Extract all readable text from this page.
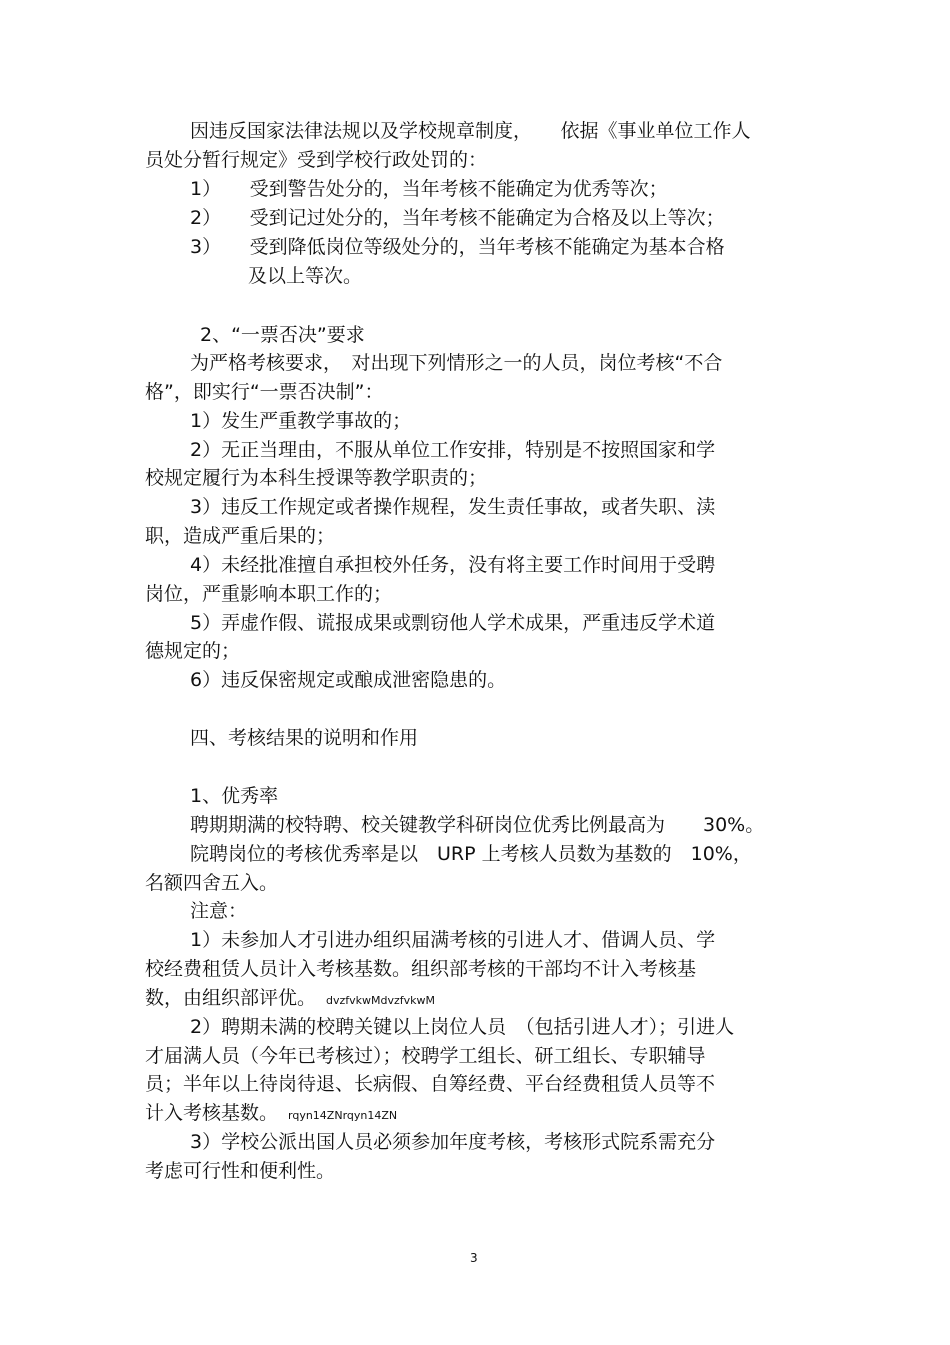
因违反国家法律法规以及学校规章制度，　　依据《事业单位工作人
员处分暂行规定》受到学校行政处罚的：
1）　　受到警告处分的，当年考核不能确定为优秀等次；
2）　　受到记过处分的，当年考核不能确定为合格及以上等次；
3）　　受到降低岗位等级处分的，当年考核不能确定为基本合格
及以上等次。
2、“一票否决”要求
为严格考核要求，　对出现下列情形之一的人员，岗位考核“不合
格”，即实行“一票否决制”：
1）发生严重教学事故的；
2）无正当理由，不服从单位工作安排，特别是不按照国家和学
校规定履行为本科生授课等教学职责的；
3）违反工作规定或者操作规程，发生责任事故，或者失职、渎
职，造成严重后果的；
4）未经批准擅自承担校外任务，没有将主要工作时间用于受聘
岗位，严重影响本职工作的；
5）弄虚作假、谎报成果或剽窃他人学术成果，严重违反学术道
德规定的；
6）违反保密规定或酿成泄密隐患的。
四、考核结果的说明和作用
1、优秀率
聘期期满的校特聘、校关键教学科研岗位优秀比例最高为　　30%。
院聘岗位的考核优秀率是以　URP 上考核人员数为基数的　10%，
名额四舍五入。
注意：
1）未参加人才引进办组织届满考核的引进人才、借调人员、学
校经费租赁人员计入考核基数。组织部考核的干部均不计入考核基
数，由组织部评优。 dvzfvkwMdvzfvkwM
2）聘期未满的校聘关键以上岗位人员　（包括引进人才）；引进人
才届满人员（今年已考核过）；校聘学工组长、研工组长、专职辅导
员；半年以上待岗待退、长病假、自筹经费、平台经费租赁人员等不
计入考核基数。 rqyn14ZNrqyn14ZN
3）学校公派出国人员必须参加年度考核，考核形式院系需充分
考虑可行性和便利性。
3
